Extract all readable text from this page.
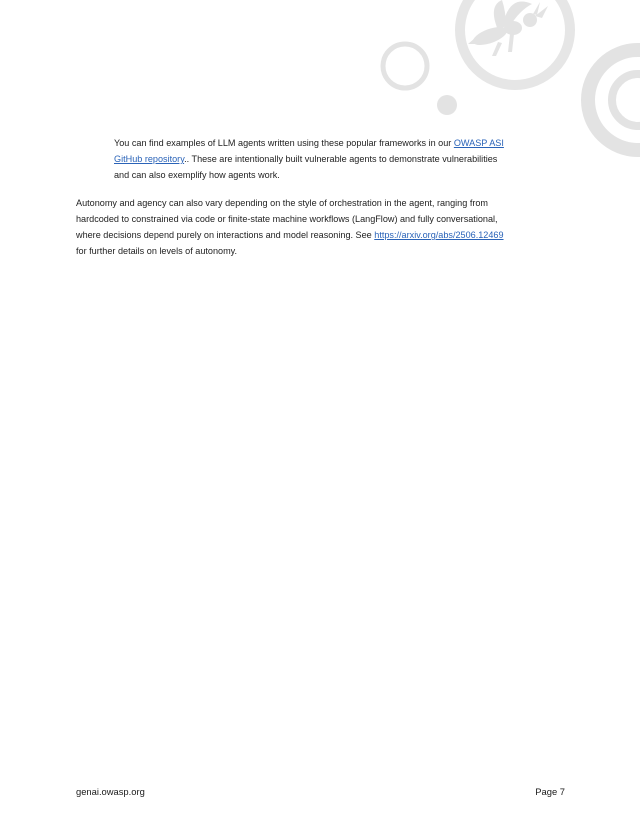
You can find examples of LLM agents written using these popular frameworks in our OWASP ASI
GitHub repository.. These are intentionally built vulnerable agents to demonstrate vulnerabilities
and can also exemplify how agents work.

Autonomy and agency can also vary depending on the style of orchestration in the agent, ranging from
hardcoded to constrained via code or finite-state machine workflows (LangFlow) and fully conversational,
where decisions depend purely on interactions and model reasoning. See https://arxiv.org/abs/2506.12469
for further details on levels of autonomy.

genai.owasp.org	Page 7
